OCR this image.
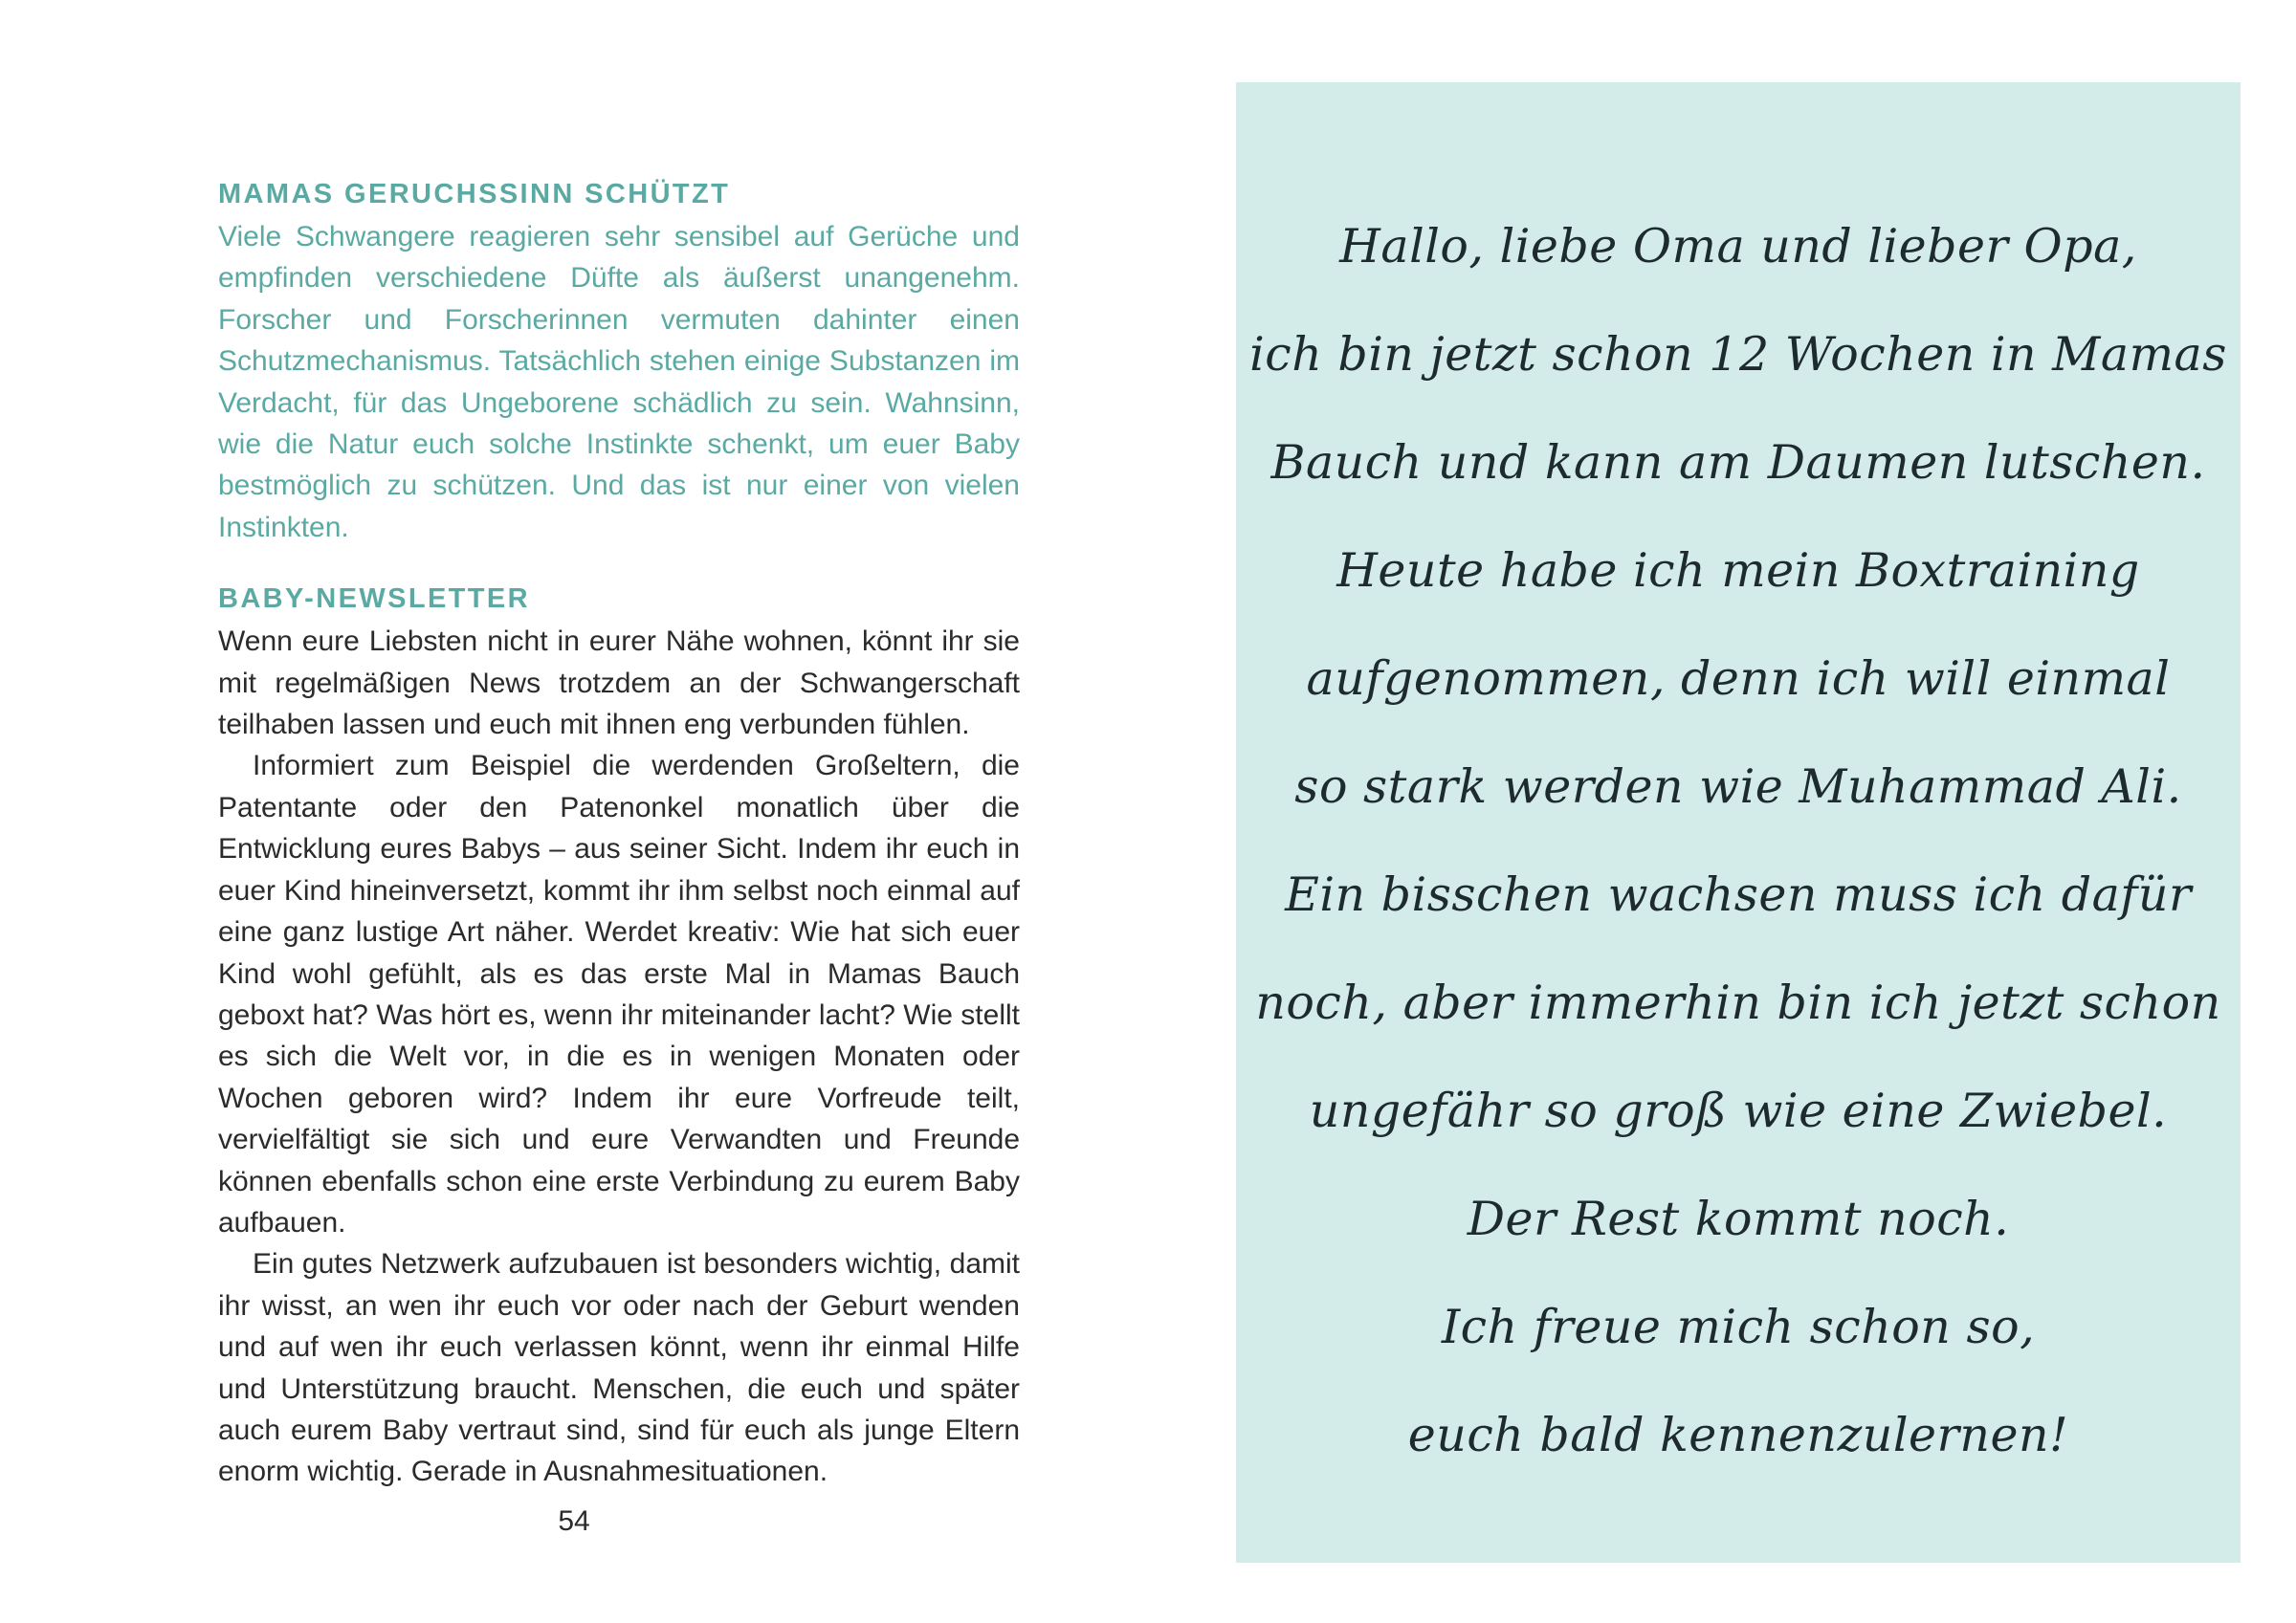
MAMAS GERUCHSSINN SCHÜTZT

Viele Schwangere reagieren sehr sensibel auf Gerüche und empfinden verschiedene Düfte als äußerst unangenehm. Forscher und Forscherinnen vermuten dahinter einen Schutzmechanismus. Tatsächlich stehen einige Substanzen im Verdacht, für das Ungeborene schädlich zu sein. Wahnsinn, wie die Natur euch solche Instinkte schenkt, um euer Baby bestmöglich zu schützen. Und das ist nur einer von vielen Instinkten.

BABY-NEWSLETTER

Wenn eure Liebsten nicht in eurer Nähe wohnen, könnt ihr sie mit regelmäßigen News trotzdem an der Schwangerschaft teilhaben lassen und euch mit ihnen eng verbunden fühlen.

Informiert zum Beispiel die werdenden Großeltern, die Patentante oder den Patenonkel monatlich über die Entwicklung eures Babys – aus seiner Sicht. Indem ihr euch in euer Kind hineinversetzt, kommt ihr ihm selbst noch einmal auf eine ganz lustige Art näher. Werdet kreativ: Wie hat sich euer Kind wohl gefühlt, als es das erste Mal in Mamas Bauch geboxt hat? Was hört es, wenn ihr miteinander lacht? Wie stellt es sich die Welt vor, in die es in wenigen Monaten oder Wochen geboren wird? Indem ihr eure Vorfreude teilt, vervielfältigt sie sich und eure Verwandten und Freunde können ebenfalls schon eine erste Verbindung zu eurem Baby aufbauen.

Ein gutes Netzwerk aufzubauen ist besonders wichtig, damit ihr wisst, an wen ihr euch vor oder nach der Geburt wenden und auf wen ihr euch verlassen könnt, wenn ihr einmal Hilfe und Unterstützung braucht. Menschen, die euch und später auch eurem Baby vertraut sind, sind für euch als junge Eltern enorm wichtig. Gerade in Ausnahmesituationen.

54
Hallo, liebe Oma und lieber Opa,
ich bin jetzt schon 12 Wochen in Mamas
Bauch und kann am Daumen lutschen.
Heute habe ich mein Boxtraining
aufgenommen, denn ich will einmal
so stark werden wie Muhammad Ali.
Ein bisschen wachsen muss ich dafür
noch, aber immerhin bin ich jetzt schon
ungefähr so groß wie eine Zwiebel.
Der Rest kommt noch.
Ich freue mich schon so,
euch bald kennenzulernen!
